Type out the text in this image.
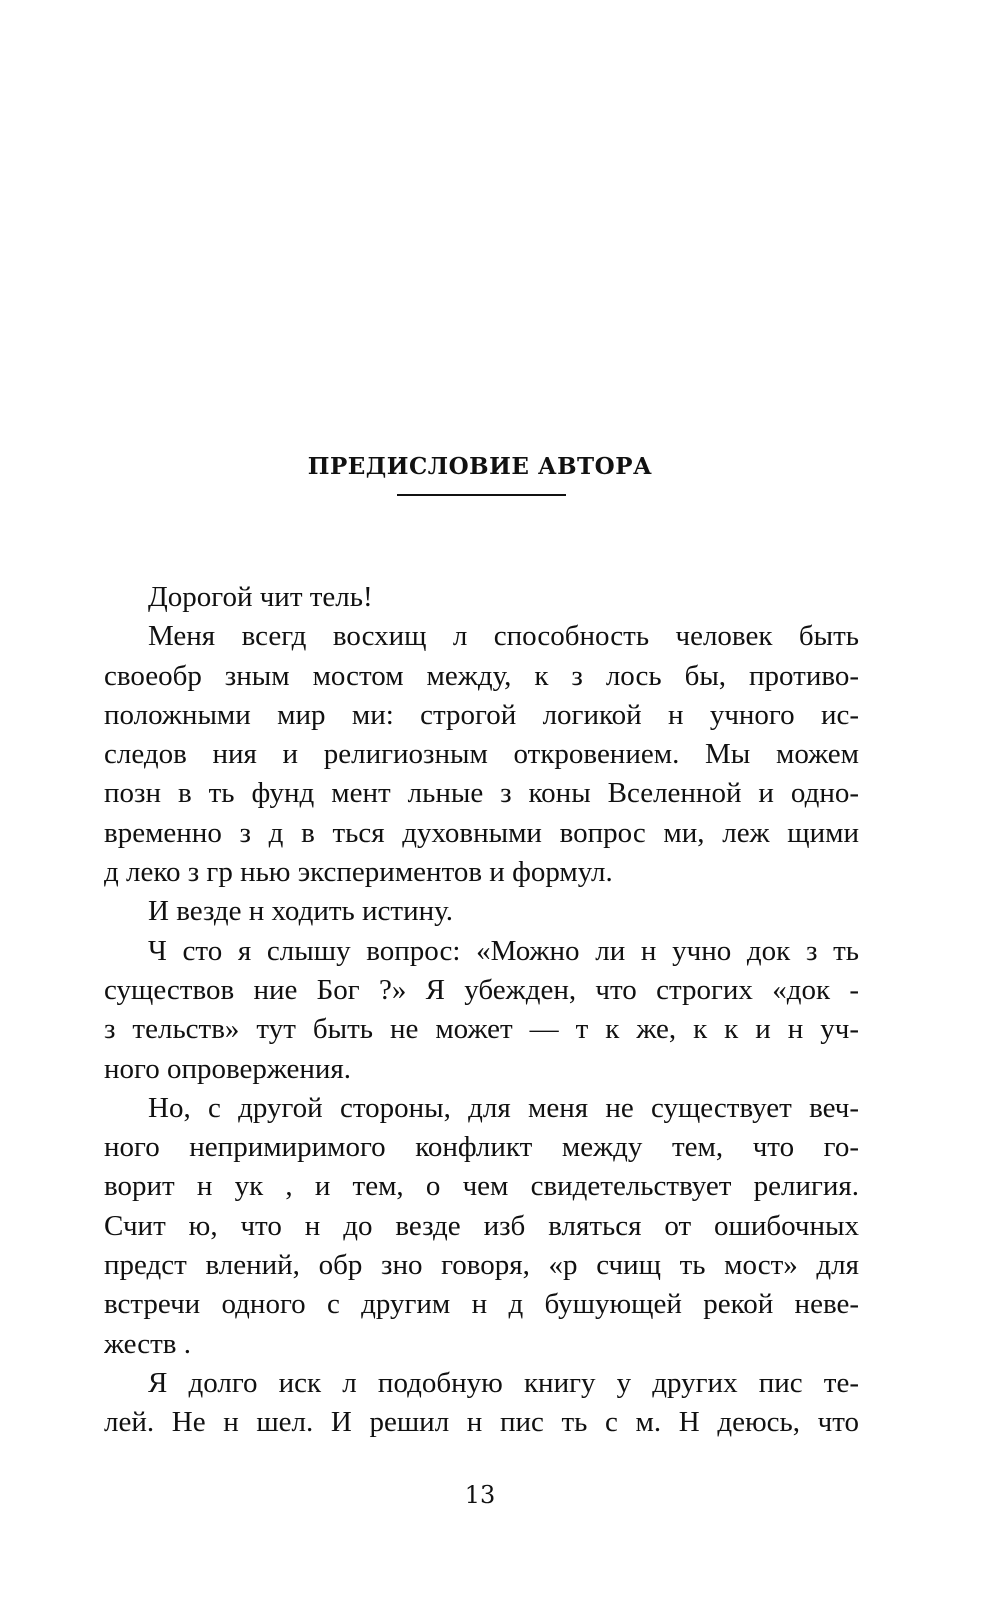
ПРЕДИСЛОВИЕ АВТОРА
Дорогой чит тель!
Меня всегд восхищ л способность человек быть
своеобр зным мостом между, к з лось бы, противо-
положными мир ми: строгой логикой н учного ис-
следов ния и религиозным откровением. Мы можем
позн в ть фунд мент льные з коны Вселенной и одно-
временно з д в ться духовными вопрос ми, леж щими
д леко з гр нью экспериментов и формул.
И везде н ходить истину.
Ч сто я слышу вопрос: «Можно ли н учно док з ть
существов ние Бог ?» Я убежден, что строгих «док -
з тельств» тут быть не может — т к же, к к и н уч-
ного опровержения.
Но, с другой стороны, для меня не существует веч-
ного непримиримого конфликт между тем, что го-
ворит н ук , и тем, о чем свидетельствует религия.
Счит ю, что н до везде изб вляться от ошибочных
предст влений, обр зно говоря, «р счищ ть мост» для
встречи одного с другим н д бушующей рекой неве-
жеств .
Я долго иск л подобную книгу у других пис те-
лей. Не н шел. И решил н пис ть с м. Н деюсь, что
13
